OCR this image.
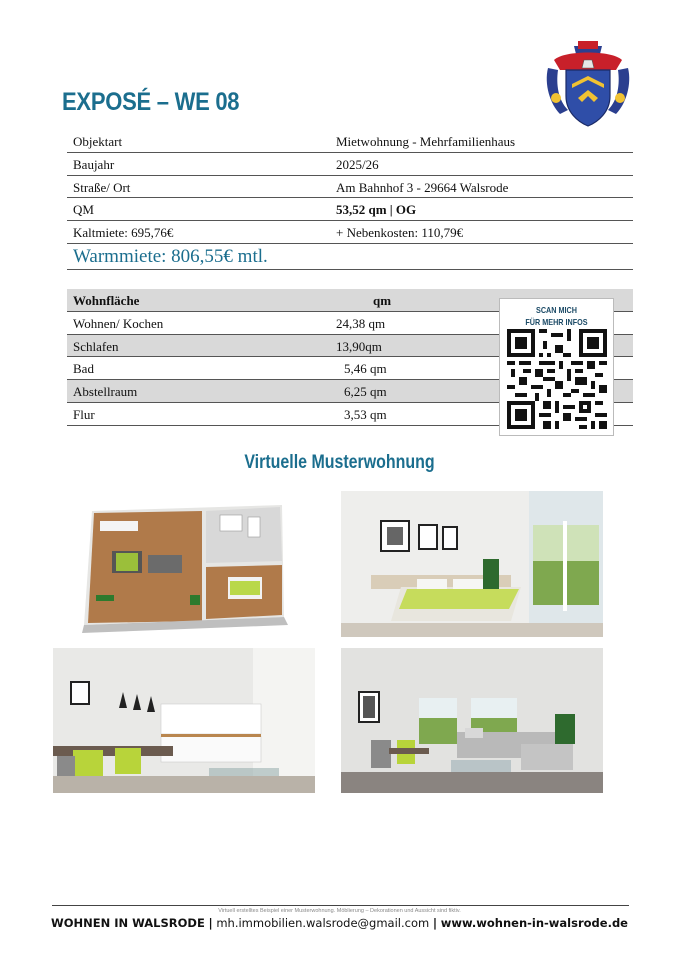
EXPOSÉ – WE 08
Objektart	Mietwohnung - Mehrfamilienhaus
Baujahr	2025/26
Straße/ Ort	Am Bahnhof 3 - 29664 Walsrode
QM	53,52 qm | OG
Kaltmiete: 695,76€	+ Nebenkosten: 110,79€
Warmmiete: 806,55€ mtl.
Wohnfläche	qm
Wohnen/ Kochen	24,38 qm
Schlafen	13,90qm
Bad	5,46 qm
Abstellraum	6,25 qm
Flur	3,53 qm
SCAN MICH
FÜR MEHR INFOS
Virtuelle Musterwohnung
Virtuell erstelltes Beispiel einer Musterwohnung. Möblierung – Dekorationen und Aussicht sind fiktiv.
WOHNEN IN WALSRODE | mh.immobilien.walsrode@gmail.com | www.wohnen-in-walsrode.de
